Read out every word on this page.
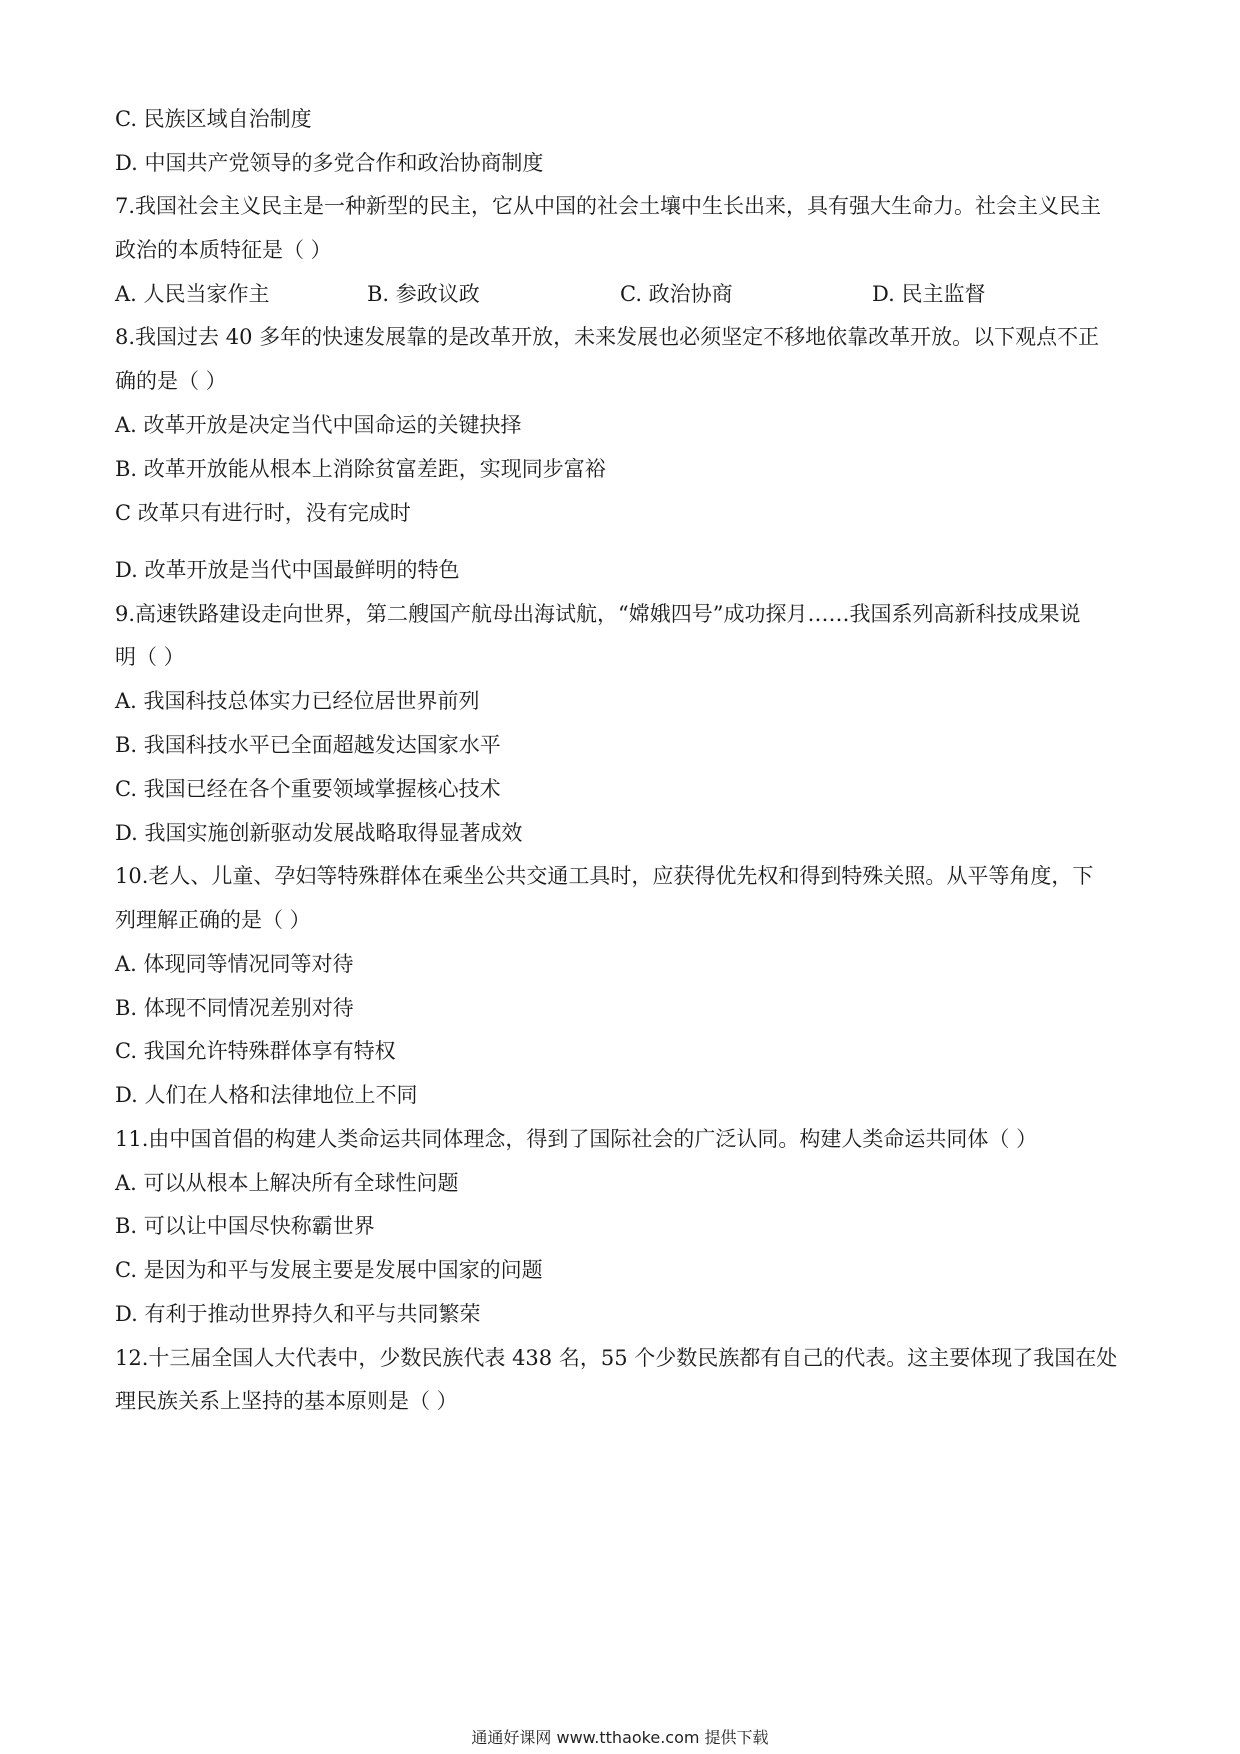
C. 民族区域自治制度
D. 中国共产党领导的多党合作和政治协商制度
7.我国社会主义民主是一种新型的民主，它从中国的社会土壤中生长出来，具有强大生命力。社会主义民主
政治的本质特征是（ ）
A. 人民当家作主	B. 参政议政	C. 政治协商	D. 民主监督
8.我国过去 40 多年的快速发展靠的是改革开放，未来发展也必须坚定不移地依靠改革开放。以下观点不正
确的是（ ）
A. 改革开放是决定当代中国命运的关键抉择
B. 改革开放能从根本上消除贫富差距，实现同步富裕
C 改革只有进行时，没有完成时
D. 改革开放是当代中国最鲜明的特色
9.高速铁路建设走向世界，第二艘国产航母出海试航，“嫦娥四号”成功探月……我国系列高新科技成果说
明（ ）
A. 我国科技总体实力已经位居世界前列
B. 我国科技水平已全面超越发达国家水平
C. 我国已经在各个重要领域掌握核心技术
D. 我国实施创新驱动发展战略取得显著成效
10.老人、儿童、孕妇等特殊群体在乘坐公共交通工具时，应获得优先权和得到特殊关照。从平等角度，下
列理解正确的是（ ）
A. 体现同等情况同等对待
B. 体现不同情况差别对待
C. 我国允许特殊群体享有特权
D. 人们在人格和法律地位上不同
11.由中国首倡的构建人类命运共同体理念，得到了国际社会的广泛认同。构建人类命运共同体（ ）
A. 可以从根本上解决所有全球性问题
B. 可以让中国尽快称霸世界
C. 是因为和平与发展主要是发展中国家的问题
D. 有利于推动世界持久和平与共同繁荣
12.十三届全国人大代表中，少数民族代表 438 名，55 个少数民族都有自己的代表。这主要体现了我国在处
理民族关系上坚持的基本原则是（ ）
通通好课网 www.tthaoke.com 提供下载
